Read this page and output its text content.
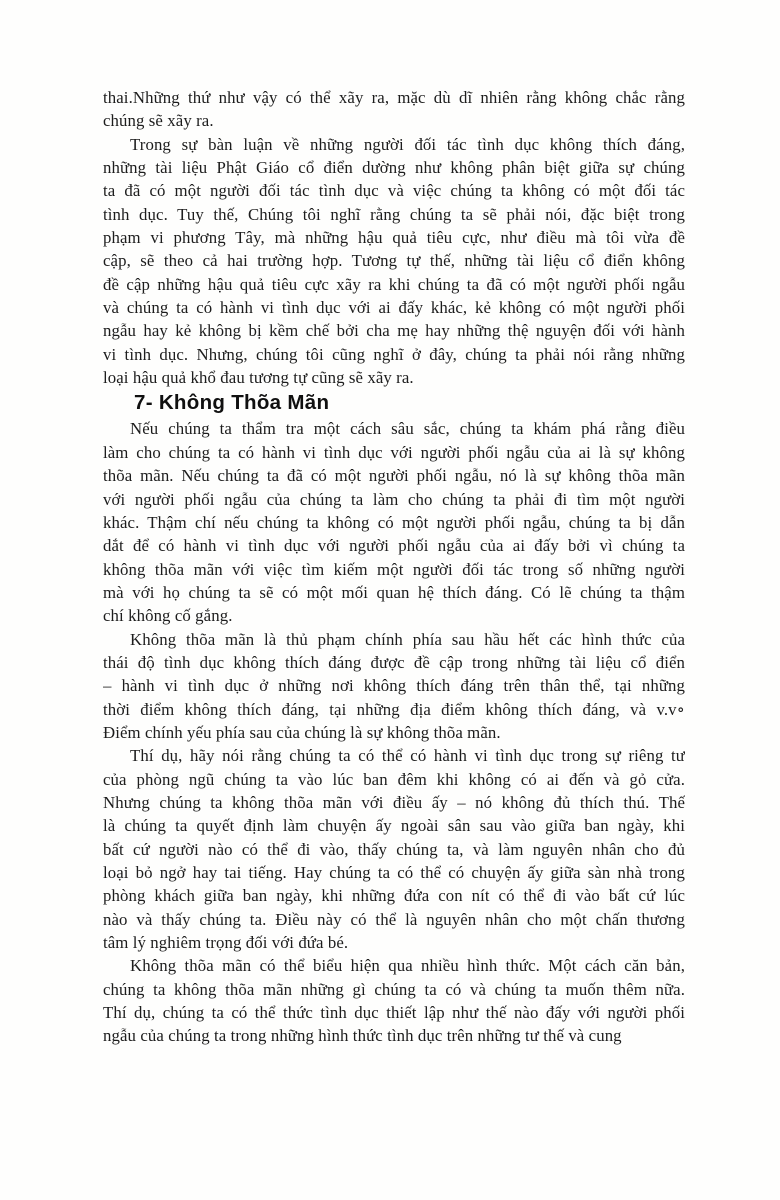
thai.Những thứ như vậy có thể xãy ra, mặc dù dĩ nhiên rằng không chắc rằng
chúng sẽ xãy ra.
Trong sự bàn luận về những người đối tác tình dục không thích đáng,
những tài liệu Phật Giáo cổ điển dường như không phân biệt giữa sự chúng
ta đã có một người đối tác tình dục và việc chúng ta không có một đối tác
tình dục. Tuy thế, Chúng tôi nghĩ rằng chúng ta sẽ phải nói, đặc biệt trong
phạm vi phương Tây, mà những hậu quả tiêu cực, như điều mà tôi vừa đề
cập, sẽ theo cả hai trường hợp. Tương tự thế, những tài liệu cổ điển không
đề cập những hậu quả tiêu cực xãy ra khi chúng ta đã có một người phối ngẫu
và chúng ta có hành vi tình dục với ai đấy khác, kẻ không có một người phối
ngẫu hay kẻ không bị kềm chế bởi cha mẹ hay những thệ nguyện đối với hành
vi tình dục. Nhưng, chúng tôi cũng nghĩ ở đây, chúng ta phải nói rằng những
loại hậu quả khổ đau tương tự cũng sẽ xãy ra.
7- Không Thõa Mãn
Nếu chúng ta thẩm tra một cách sâu sắc, chúng ta khám phá rằng điều
làm cho chúng ta có hành vi tình dục với người phối ngẫu của ai là sự không
thõa mãn. Nếu chúng ta đã có một người phối ngẫu, nó là sự không thõa mãn
với người phối ngẫu của chúng ta làm cho chúng ta phải đi tìm một người
khác. Thậm chí nếu chúng ta không có một người phối ngẫu, chúng ta bị dẫn
dắt để có hành vi tình dục với người phối ngẫu của ai đấy bởi vì chúng ta
không thõa mãn với việc tìm kiếm một người đối tác trong số những người
mà với họ chúng ta sẽ có một mối quan hệ thích đáng. Có lẽ chúng ta thậm
chí không cố gắng.
Không thõa mãn là thủ phạm chính phía sau hầu hết các hình thức của
thái độ tình dục không thích đáng được đề cập trong những tài liệu cổ điển
– hành vi tình dục ở những nơi không thích đáng trên thân thể, tại những
thời điểm không thích đáng, tại những địa điểm không thích đáng, và v.v∘
Điểm chính yếu phía sau của chúng là sự không thõa mãn.
Thí dụ, hãy nói rằng chúng ta có thể có hành vi tình dục trong sự riêng tư
của phòng ngũ chúng ta vào lúc ban đêm khi không có ai đến và gỏ cửa.
Nhưng chúng ta không thõa mãn với điều ấy – nó không đủ thích thú. Thế
là chúng ta quyết định làm chuyện ấy ngoài sân sau vào giữa ban ngày, khi
bất cứ người nào có thể đi vào, thấy chúng ta, và làm nguyên nhân cho đủ
loại bỏ ngở hay tai tiếng. Hay chúng ta có thể có chuyện ấy giữa sàn nhà trong
phòng khách giữa ban ngày, khi những đứa con nít có thể đi vào bất cứ lúc
nào và thấy chúng ta. Điều này có thể là nguyên nhân cho một chấn thương
tâm lý nghiêm trọng đối với đứa bé.
Không thõa mãn có thể biểu hiện qua nhiều hình thức. Một cách căn bản,
chúng ta không thõa mãn những gì chúng ta có và chúng ta muốn thêm nữa.
Thí dụ, chúng ta có thể thức tình dục thiết lập như thế nào đấy với người phối
ngẫu của chúng ta trong những hình thức tình dục trên những tư thế và cung
